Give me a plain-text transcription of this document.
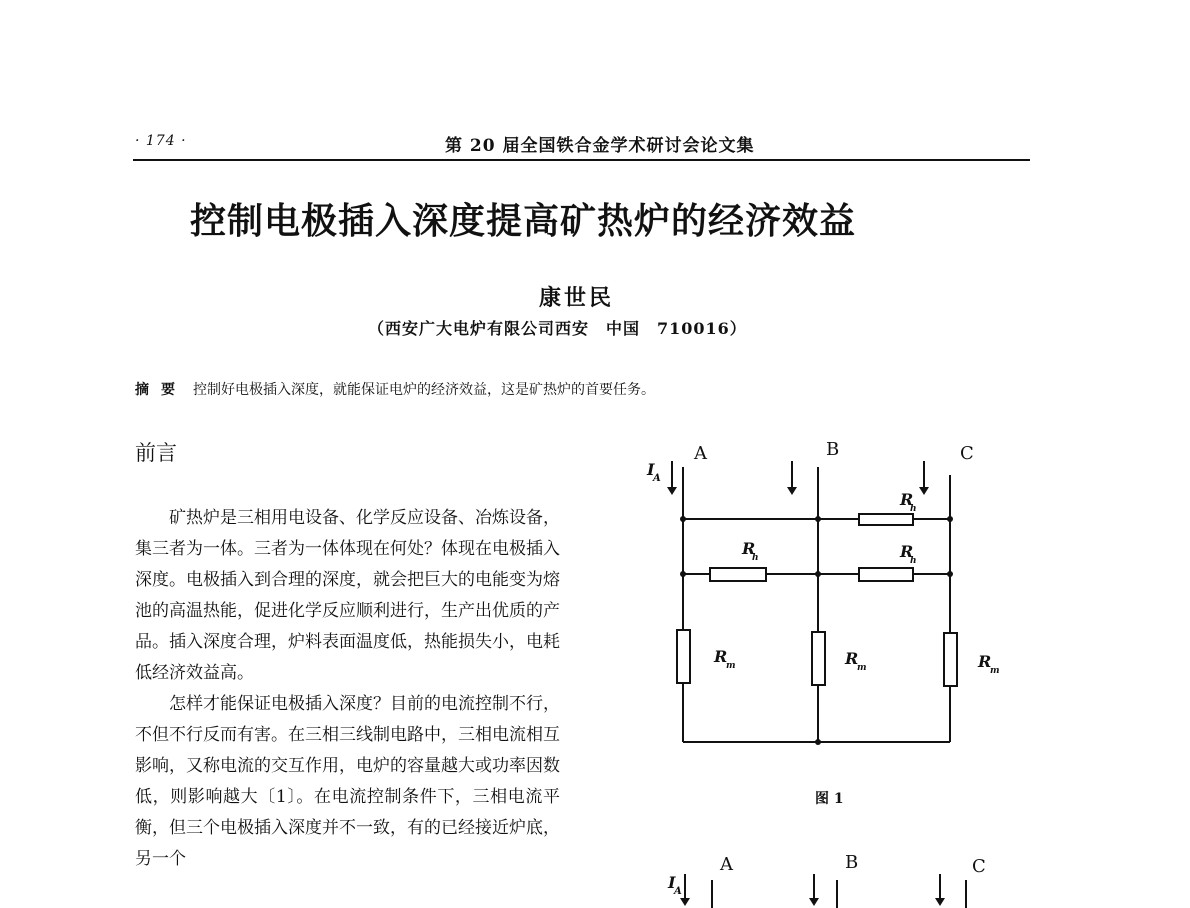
· 174 ·	第 20 届全国铁合金学术研讨会论文集
控制电极插入深度提高矿热炉的经济效益
康世民
（西安广大电炉有限公司西安　中国　710016）
摘要 控制好电极插入深度，就能保证电炉的经济效益，这是矿热炉的首要任务。
前言

矿热炉是三相用电设备、化学反应设备、冶炼设备，集三者为一体。三者为一体体现在何处？体现在电极插入深度。电极插入到合理的深度，就会把巨大的电能变为熔池的高温热能，促进化学反应顺利进行，生产出优质的产品。插入深度合理，炉料表面温度低，热能损失小，电耗低经济效益高。

怎样才能保证电极插入深度？目前的电流控制不行，不但不行反而有害。在三相三线制电路中，三相电流相互影响，又称电流的交互作用，电炉的容量越大或功率因数低，则影响越大〔1〕。在电流控制条件下，三相电流平衡，但三个电极插入深度并不一致，有的已经接近炉底，另一个

A	B	C
I
A
R
h
R
h	R
h
R
m	R
m	R
m
图 1
A	B	C
I
A
